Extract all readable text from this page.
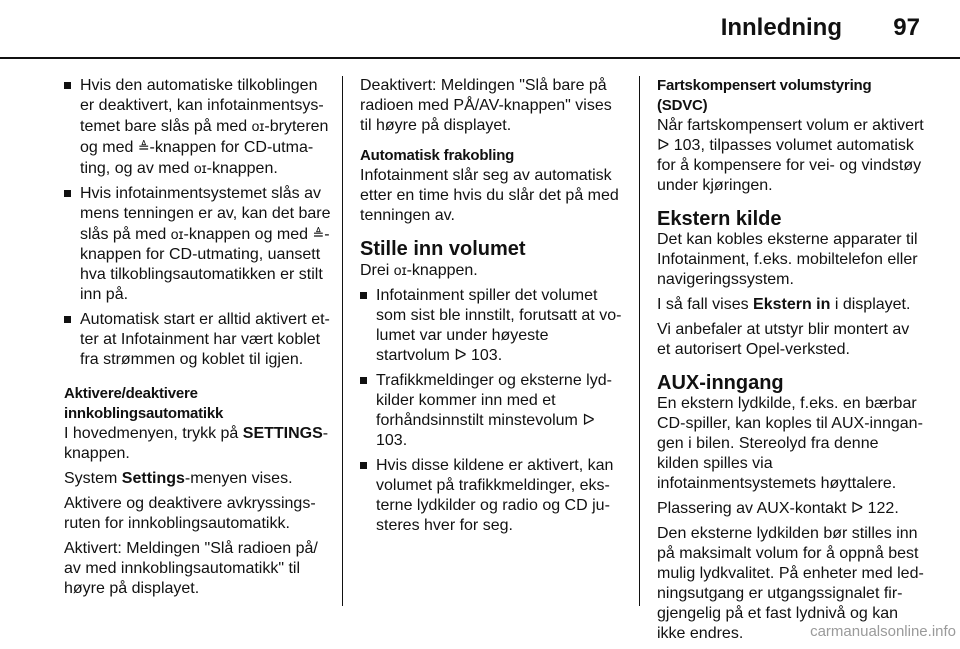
Innledning 97
Hvis den automatiske tilkoblingen er deaktivert, kan infotainmentsystemet bare slås på med ᴏɪ-bryteren og med ≜-knappen for CD-utmating, og av med ᴏɪ-knappen.
Hvis infotainmentsystemet slås av mens tenningen er av, kan det bare slås på med ᴏɪ-knappen og med ≜-knappen for CD-utmating, uansett hva tilkoblingsautomatikken er stilt inn på.
Automatisk start er alltid aktivert etter at Infotainment har vært koblet fra strømmen og koblet til igjen.
Aktivere/deaktivere innkoblingsautomatikk

I hovedmenyen, trykk på SETTINGS-knappen.

System Settings-menyen vises.

Aktivere og deaktivere avkryssingsruten for innkoblingsautomatikk.

Aktivert: Meldingen "Slå radioen på/ av med innkoblingsautomatikk" til høyre på displayet.

Deaktivert: Meldingen "Slå bare på radioen med PÅ/AV-knappen" vises til høyre på displayet.

Automatisk frakobling

Infotainment slår seg av automatisk etter en time hvis du slår det på med tenningen av.

Stille inn volumet

Drei ᴏɪ-knappen.

Infotainment spiller det volumet som sist ble innstilt, forutsatt at volumet var under høyeste startvolum ᐅ 103.
Trafikkmeldinger og eksterne lydkilder kommer inn med et forhåndsinnstilt minstevolum ᐅ 103.
Hvis disse kildene er aktivert, kan volumet på trafikkmeldinger, eksterne lydkilder og radio og CD justeres hver for seg.
Fartskompensert volumstyring (SDVC)

Når fartskompensert volum er aktivert ᐅ 103, tilpasses volumet automatisk for å kompensere for vei- og vindstøy under kjøringen.

Ekstern kilde

Det kan kobles eksterne apparater til Infotainment, f.eks. mobiltelefon eller navigeringssystem.

I så fall vises Ekstern in i displayet.

Vi anbefaler at utstyr blir montert av et autorisert Opel-verksted.

AUX-inngang

En ekstern lydkilde, f.eks. en bærbar CD-spiller, kan koples til AUX-inngangen i bilen. Stereolyd fra denne kilden spilles via infotainmentsystemets høyttalere.

Plassering av AUX-kontakt ᐅ 122.

Den eksterne lydkilden bør stilles inn på maksimalt volum for å oppnå best mulig lydkvalitet. På enheter med ledningsutgang er utgangssignalet firgjengelig på et fast lydnivå og kan ikke endres.	carmanualsonline.info
